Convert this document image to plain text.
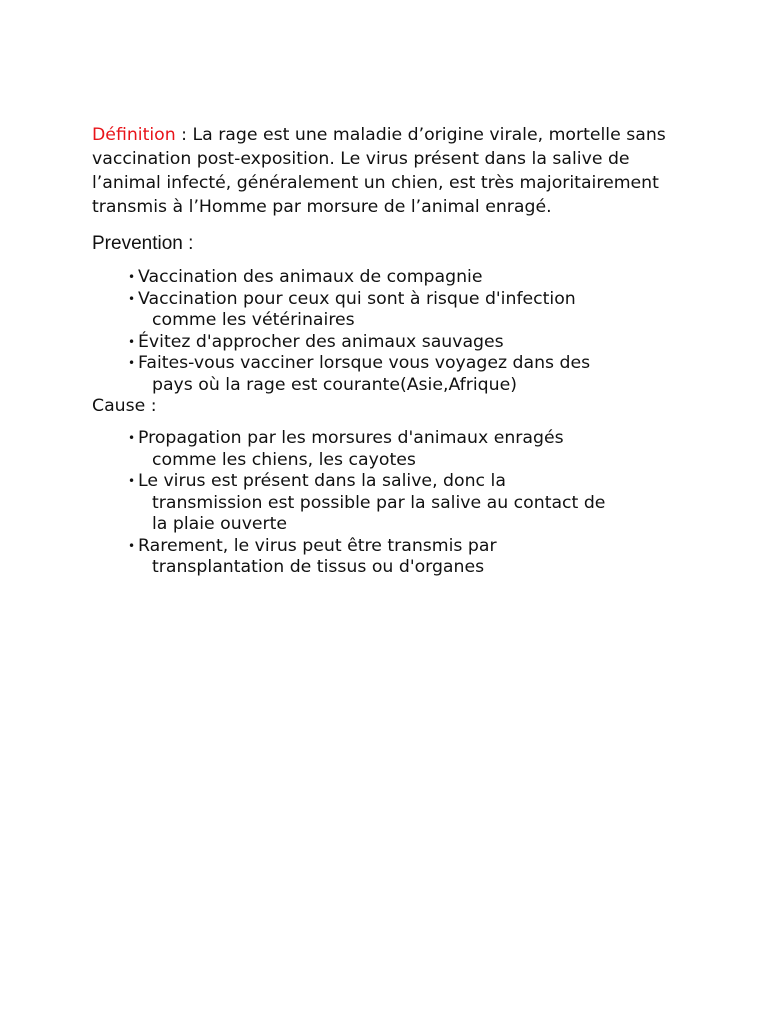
Définition : La rage est une maladie d’origine virale, mortelle sans vaccination post-exposition. Le virus présent dans la salive de l’animal infecté, généralement un chien, est très majoritairement transmis à l’Homme par morsure de l’animal enragé.

Prevention :
• Vaccination des animaux de compagnie
• Vaccination pour ceux qui sont à risque d'infection
comme les vétérinaires
• Évitez d'approcher des animaux sauvages
• Faites-vous vacciner lorsque vous voyagez dans des
pays où la rage est courante(Asie,Afrique)
Cause :
• Propagation par les morsures d'animaux enragés
comme les chiens, les cayotes
• Le virus est présent dans la salive, donc la
transmission est possible par la salive au contact de
la plaie ouverte
• Rarement, le virus peut être transmis par
transplantation de tissus ou d'organes
